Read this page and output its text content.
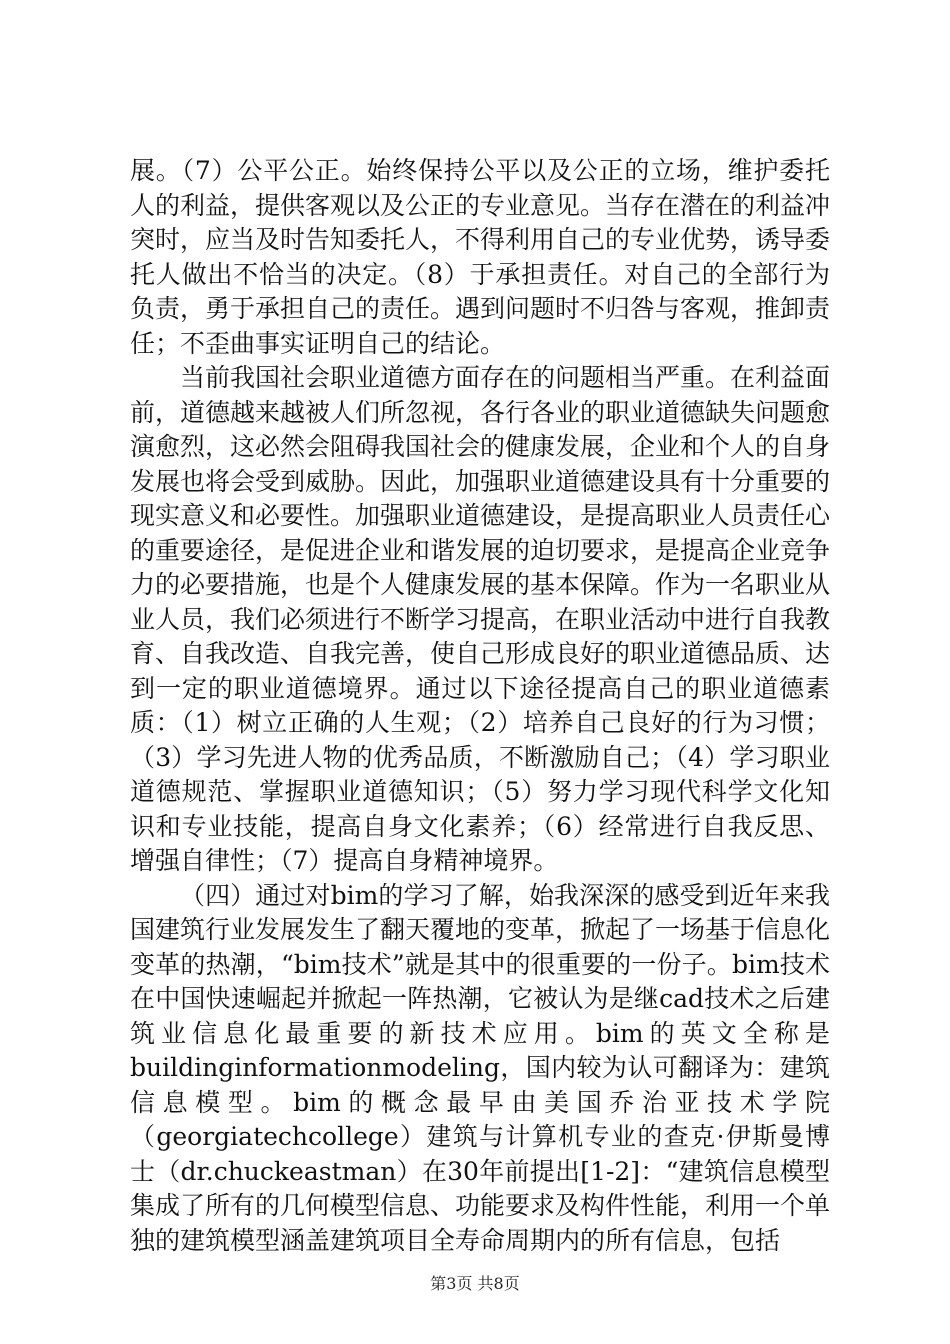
展。（7）公平公正。始终保持公平以及公正的立场，维护委托人的利益，提供客观以及公正的专业意见。当存在潜在的利益冲突时，应当及时告知委托人，不得利用自己的专业优势，诱导委托人做出不恰当的决定。（8）于承担责任。对自己的全部行为负责，勇于承担自己的责任。遇到问题时不归咎与客观，推卸责任；不歪曲事实证明自己的结论。

当前我国社会职业道德方面存在的问题相当严重。在利益面前，道德越来越被人们所忽视，各行各业的职业道德缺失问题愈演愈烈，这必然会阻碍我国社会的健康发展，企业和个人的自身发展也将会受到威胁。因此，加强职业道德建设具有十分重要的现实意义和必要性。加强职业道德建设，是提高职业人员责任心的重要途径，是促进企业和谐发展的迫切要求，是提高企业竞争力的必要措施，也是个人健康发展的基本保障。作为一名职业从业人员，我们必须进行不断学习提高，在职业活动中进行自我教育、自我改造、自我完善，使自己形成良好的职业道德品质、达到一定的职业道德境界。通过以下途径提高自己的职业道德素质：（1）树立正确的人生观；（2）培养自己良好的行为习惯；（3）学习先进人物的优秀品质，不断激励自己；（4）学习职业道德规范、掌握职业道德知识；（5）努力学习现代科学文化知识和专业技能，提高自身文化素养；（6）经常进行自我反思、增强自律性；（7）提高自身精神境界。

（四）通过对bim的学习了解，始我深深的感受到近年来我国建筑行业发展发生了翻天覆地的变革，掀起了一场基于信息化变革的热潮，“bim技术”就是其中的很重要的一份子。bim技术在中国快速崛起并掀起一阵热潮，它被认为是继cad技术之后建筑业信息化最重要的新技术应用。bim的英文全称是buildinginformationmodeling，国内较为认可翻译为：建筑信息模型。bim的概念最早由美国乔治亚技术学院（georgiatechcollege）建筑与计算机专业的查克·伊斯曼博士（dr.chuckeastman）在30年前提出[1-2]：“建筑信息模型集成了所有的几何模型信息、功能要求及构件性能，利用一个单独的建筑模型涵盖建筑项目全寿命周期内的所有信息，包括

第3页 共8页
